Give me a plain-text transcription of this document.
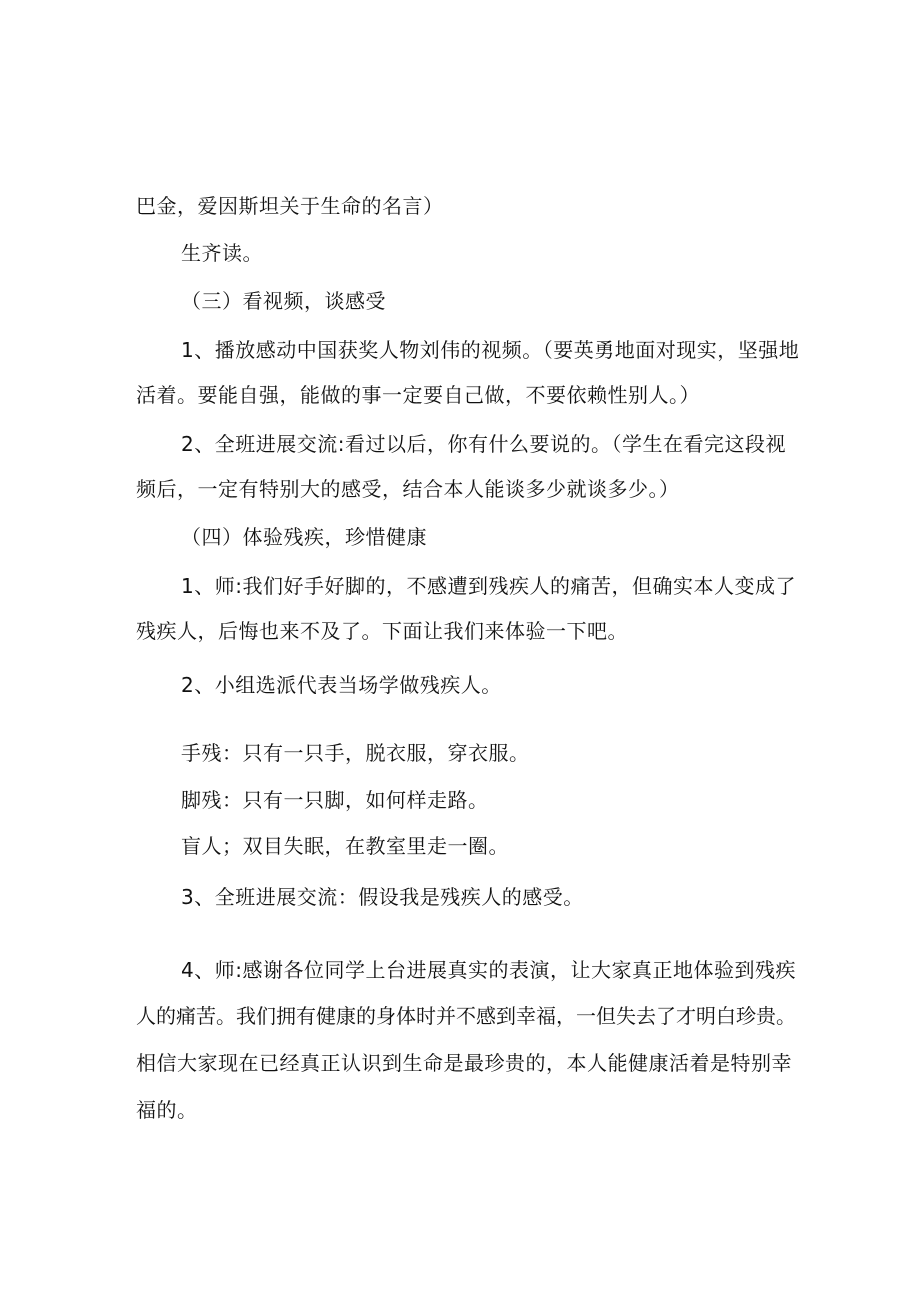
巴金，爱因斯坦关于生命的名言）
生齐读。
（三）看视频，谈感受
1、播放感动中国获奖人物刘伟的视频。（要英勇地面对现实，坚强地
活着。要能自强，能做的事一定要自己做，不要依赖性别人。）
2、全班进展交流:看过以后，你有什么要说的。（学生在看完这段视
频后，一定有特别大的感受，结合本人能谈多少就谈多少。）
（四）体验残疾，珍惜健康
1、师:我们好手好脚的，不感遭到残疾人的痛苦，但确实本人变成了
残疾人，后悔也来不及了。下面让我们来体验一下吧。
2、小组选派代表当场学做残疾人。
手残：只有一只手，脱衣服，穿衣服。
脚残：只有一只脚，如何样走路。
盲人；双目失眠，在教室里走一圈。
3、全班进展交流：假设我是残疾人的感受。
4、师:感谢各位同学上台进展真实的表演，让大家真正地体验到残疾
人的痛苦。我们拥有健康的身体时并不感到幸福，一但失去了才明白珍贵。
相信大家现在已经真正认识到生命是最珍贵的，本人能健康活着是特别幸
福的。
